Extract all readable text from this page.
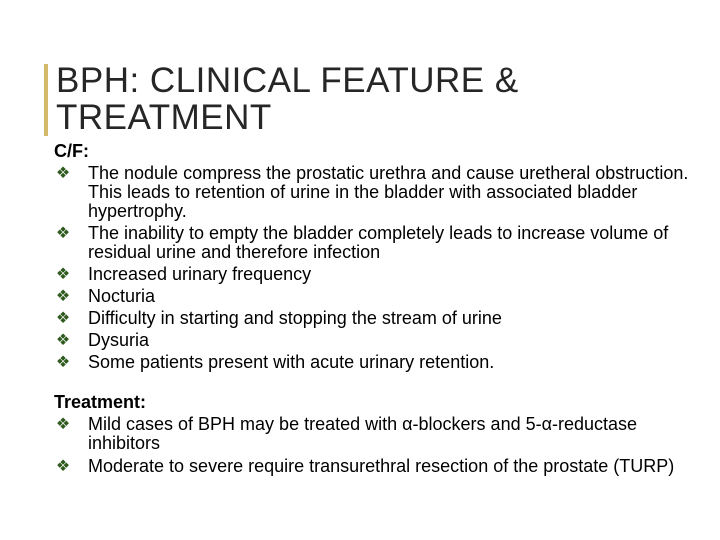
BPH: CLINICAL FEATURE & TREATMENT

C/F:

❖ The nodule compress the prostatic urethra and cause uretheral obstruction. This leads to retention of urine in the bladder with associated bladder hypertrophy.
❖ The inability to empty the bladder completely leads to increase volume of residual urine and therefore infection
❖ Increased urinary frequency
❖ Nocturia
❖ Difficulty in starting and stopping the stream of urine
❖ Dysuria
❖ Some patients present with acute urinary retention.

Treatment:

❖ Mild cases of BPH may be treated with α-blockers and 5-α-reductase inhibitors
❖ Moderate to severe require transurethral resection of the prostate (TURP)
